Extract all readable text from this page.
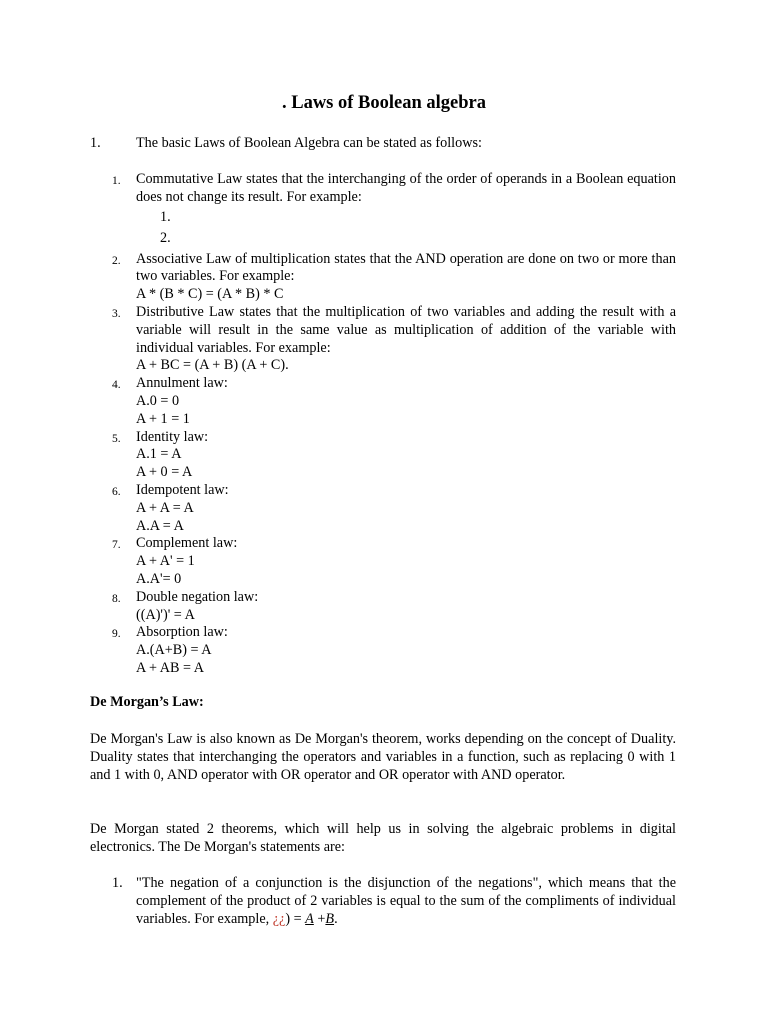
. Laws of Boolean algebra
1. The basic Laws of Boolean Algebra can be stated as follows:
1. Commutative Law states that the interchanging of the order of operands in a Boolean equation does not change its result. For example:
1.
2.
2. Associative Law of multiplication states that the AND operation are done on two or more than two variables. For example:
A * (B * C) = (A * B) * C
3. Distributive Law states that the multiplication of two variables and adding the result with a variable will result in the same value as multiplication of addition of the variable with individual variables. For example:
A + BC = (A + B) (A + C).
4. Annulment law:
A.0 = 0
A + 1 = 1
5. Identity law:
A.1 = A
A + 0 = A
6. Idempotent law:
A + A = A
A.A = A
7. Complement law:
A + A' = 1
A.A'= 0
8. Double negation law:
((A)')' = A
9. Absorption law:
A.(A+B) = A
A + AB = A
De Morgan’s Law:
De Morgan's Law is also known as De Morgan's theorem, works depending on the concept of Duality. Duality states that interchanging the operators and variables in a function, such as replacing 0 with 1 and 1 with 0, AND operator with OR operator and OR operator with AND operator.
De Morgan stated 2 theorems, which will help us in solving the algebraic problems in digital electronics. The De Morgan's statements are:
1. "The negation of a conjunction is the disjunction of the negations", which means that the complement of the product of 2 variables is equal to the sum of the compliments of individual variables. For example, ¿¿) = A +B.
